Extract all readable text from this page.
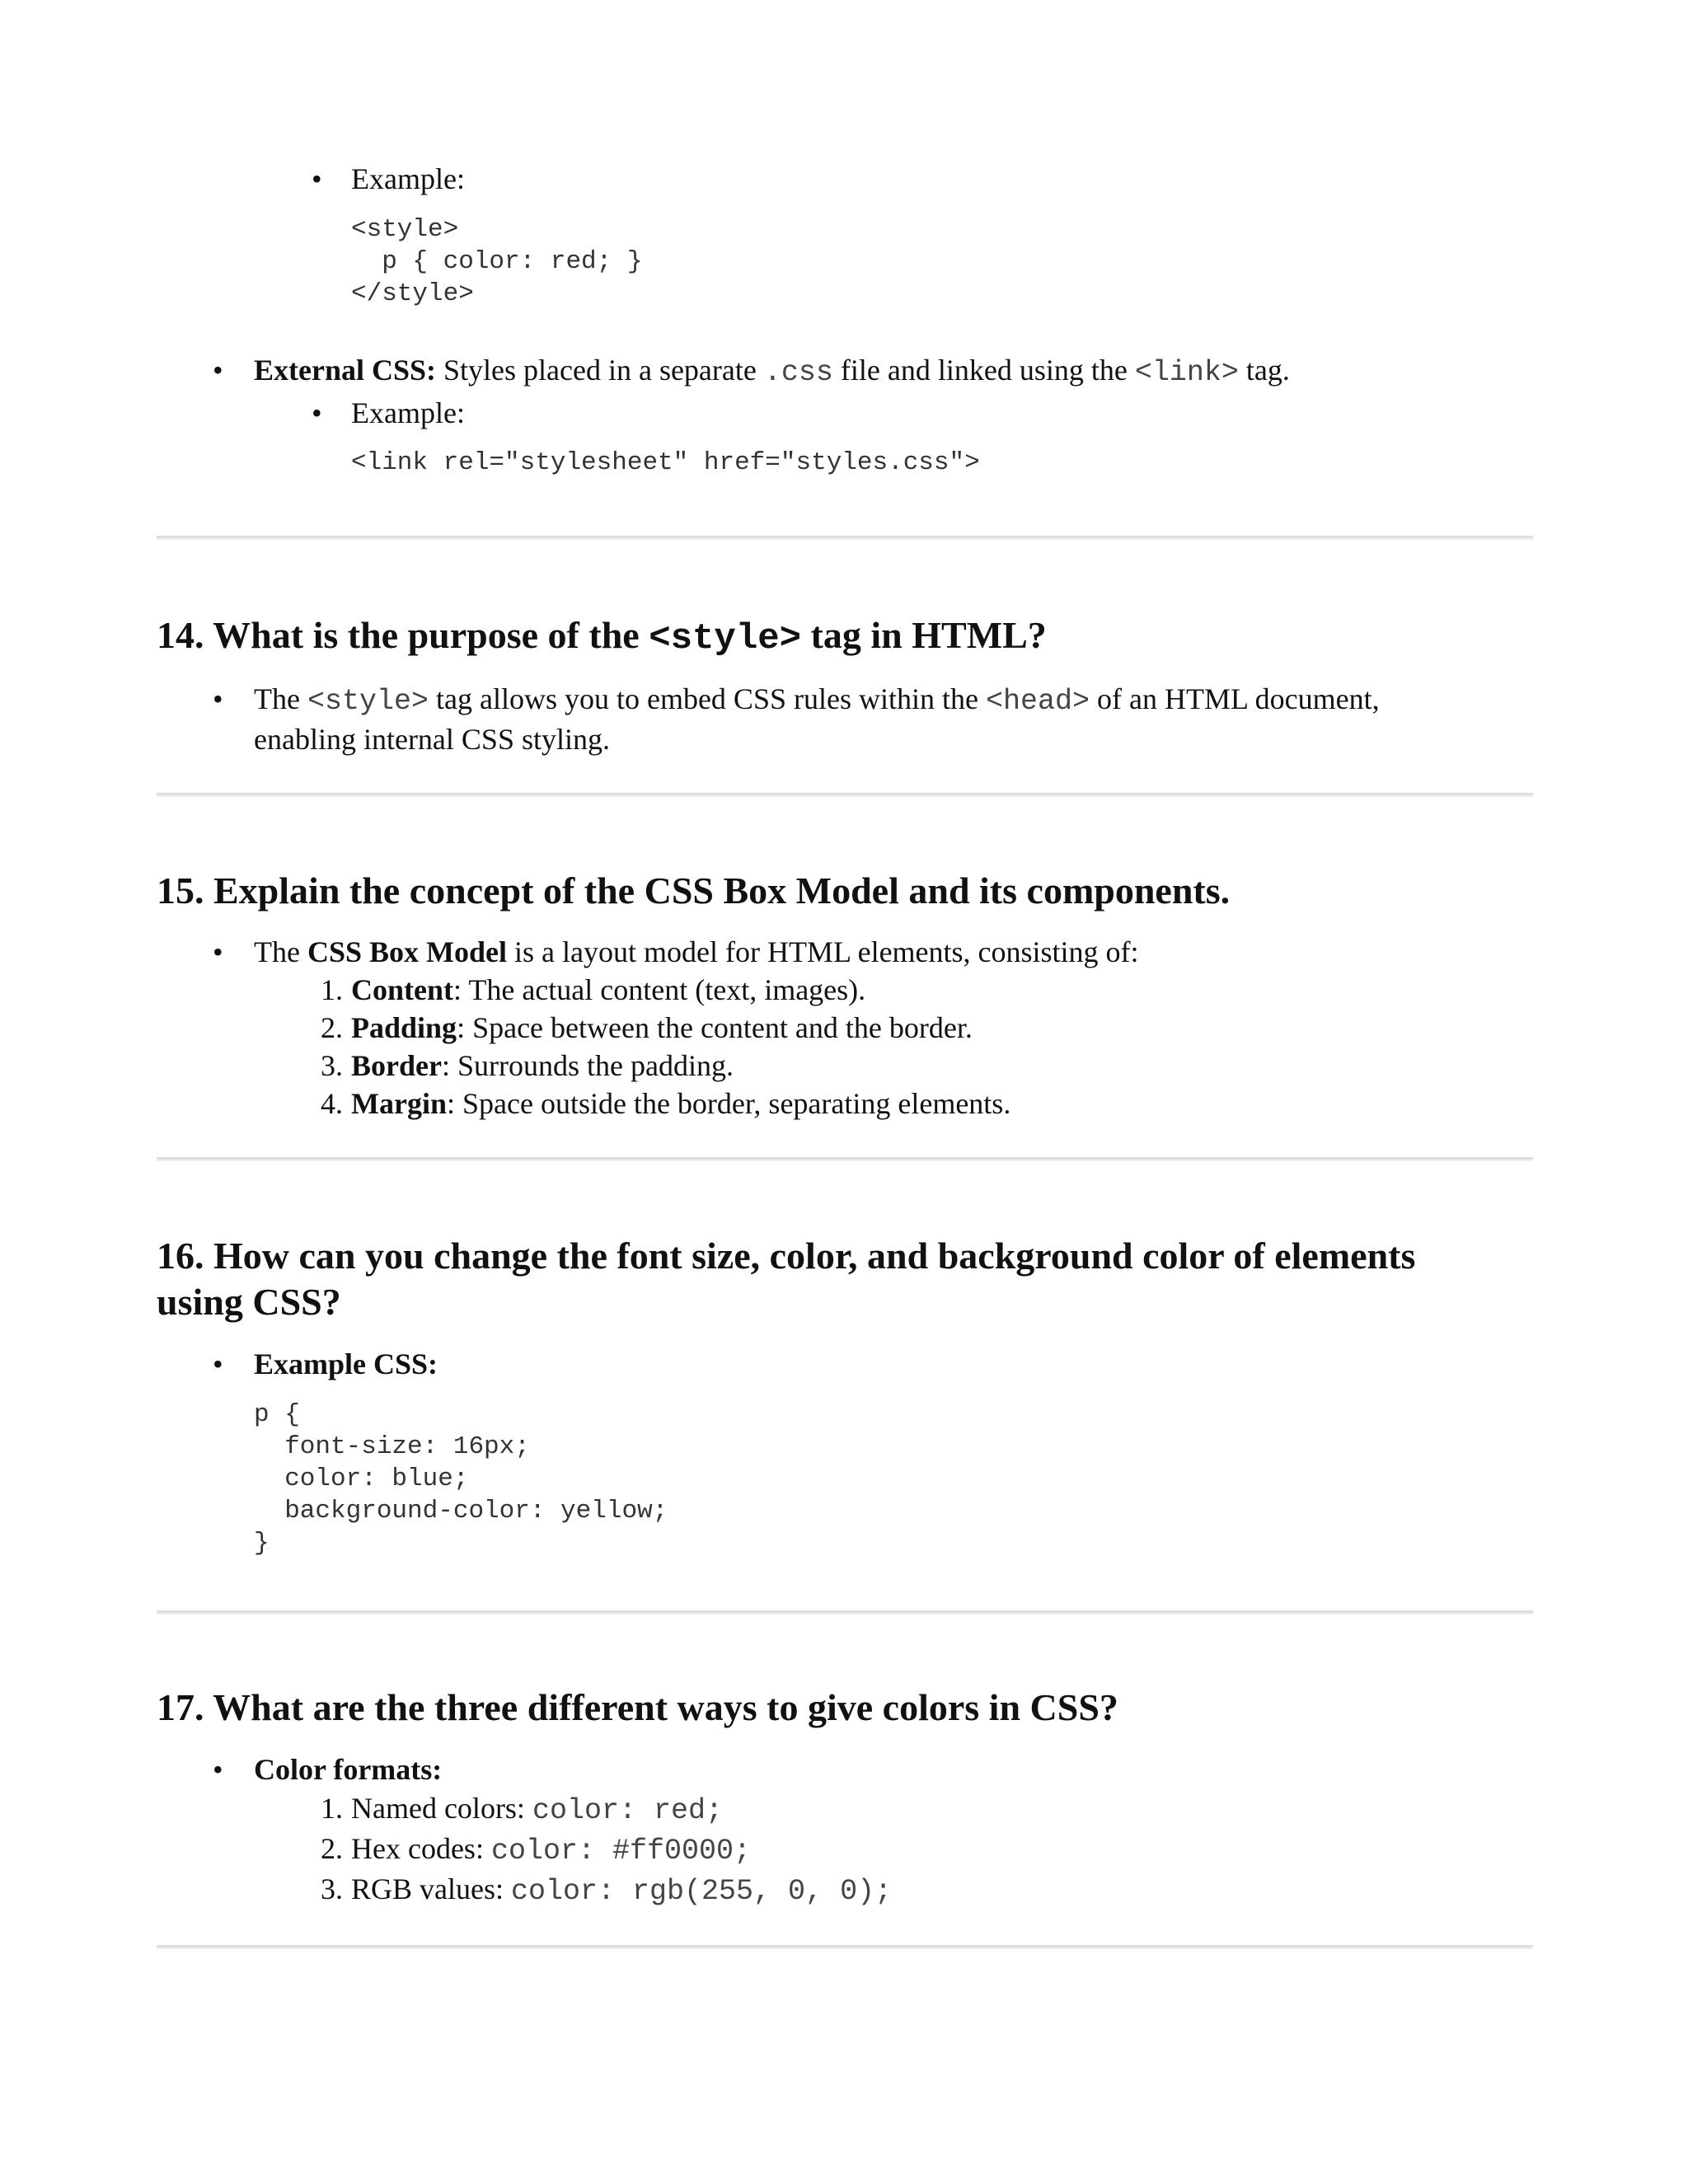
• Example:
<style>
p { color: red; }
</style>
• External CSS: Styles placed in a separate .css file and linked using the <link> tag.
• Example:
<link rel="stylesheet" href="styles.css">
14. What is the purpose of the <style> tag in HTML?
• The <style> tag allows you to embed CSS rules within the <head> of an HTML document,
enabling internal CSS styling.
15. Explain the concept of the CSS Box Model and its components.
• The CSS Box Model is a layout model for HTML elements, consisting of:
1. Content: The actual content (text, images).
2. Padding: Space between the content and the border.
3. Border: Surrounds the padding.
4. Margin: Space outside the border, separating elements.
16. How can you change the font size, color, and background color of elements
using CSS?
• Example CSS:
p {
font-size: 16px;
color: blue;
background-color: yellow;
}
17. What are the three different ways to give colors in CSS?
• Color formats:
1. Named colors: color: red;
2. Hex codes: color: #ff0000;
3. RGB values: color: rgb(255, 0, 0);
